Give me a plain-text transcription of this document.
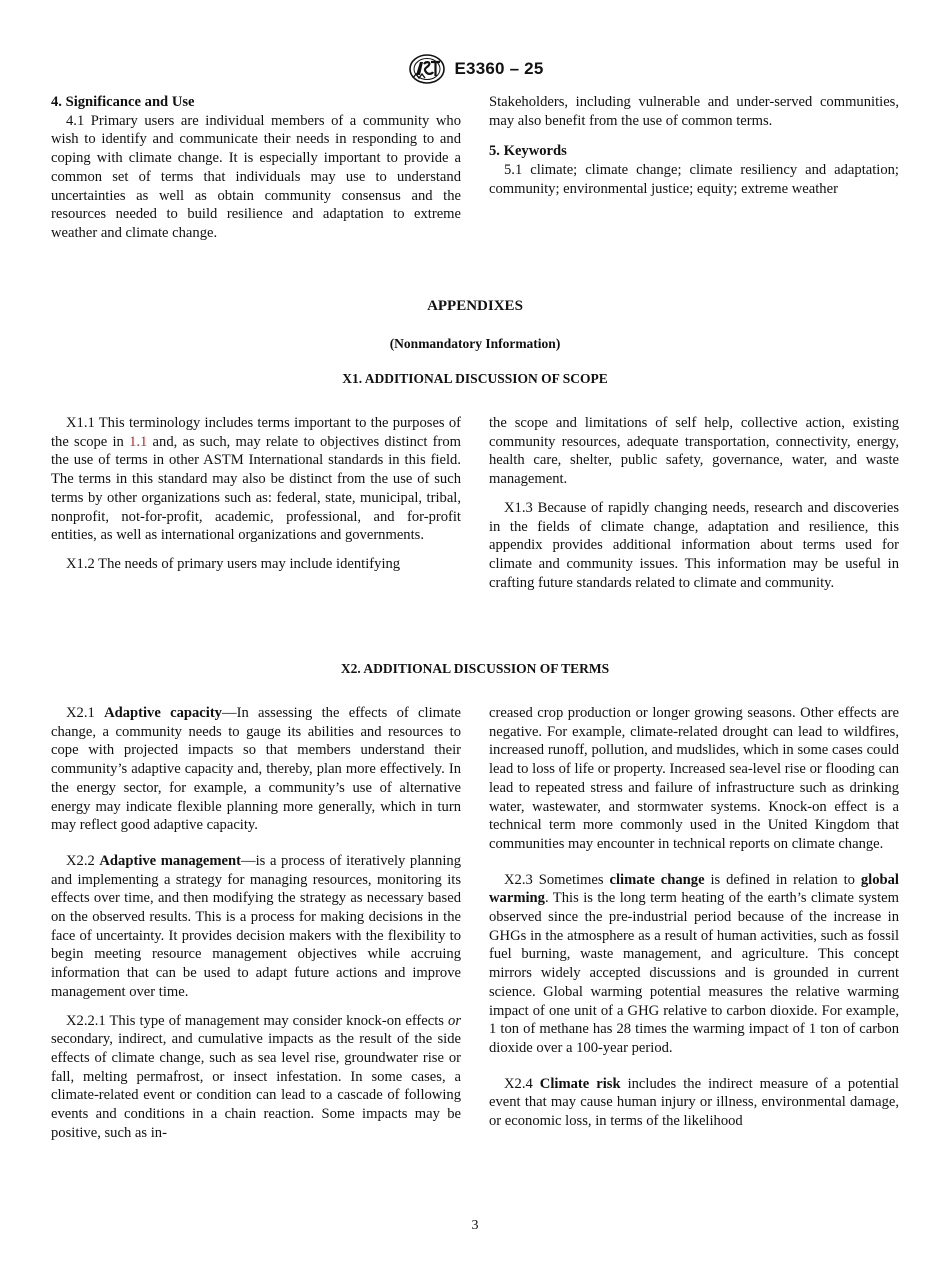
E3360 – 25

4. Significance and Use

4.1 Primary users are individual members of a community who wish to identify and communicate their needs in responding to and coping with climate change. It is especially important to provide a common set of terms that individuals may use to understand uncertainties as well as obtain community consensus and the resources needed to build resilience and adaptation to extreme weather and climate change.

Stakeholders, including vulnerable and under-served communities, may also benefit from the use of common terms.

5. Keywords

5.1 climate; climate change; climate resiliency and adaptation; community; environmental justice; equity; extreme weather

APPENDIXES
(Nonmandatory Information)
X1. ADDITIONAL DISCUSSION OF SCOPE

X1.1 This terminology includes terms important to the purposes of the scope in 1.1 and, as such, may relate to objectives distinct from the use of terms in other ASTM International standards in this field. The terms in this standard may also be distinct from the use of such terms by other organizations such as: federal, state, municipal, tribal, nonprofit, not-for-profit, academic, professional, and for-profit entities, as well as international organizations and governments.

X1.2 The needs of primary users may include identifying

the scope and limitations of self help, collective action, existing community resources, adequate transportation, connectivity, energy, health care, shelter, public safety, governance, water, and waste management.

X1.3 Because of rapidly changing needs, research and discoveries in the fields of climate change, adaptation and resilience, this appendix provides additional information about terms used for climate and community issues. This information may be useful in crafting future standards related to climate and community.

X2. ADDITIONAL DISCUSSION OF TERMS

X2.1 Adaptive capacity—In assessing the effects of climate change, a community needs to gauge its abilities and resources to cope with projected impacts so that members understand their community’s adaptive capacity and, thereby, plan more effectively. In the energy sector, for example, a community’s use of alternative energy may indicate flexible planning more generally, which in turn may reflect good adaptive capacity.

X2.2 Adaptive management—is a process of iteratively planning and implementing a strategy for managing resources, monitoring its effects over time, and then modifying the strategy as necessary based on the observed results. This is a process for making decisions in the face of uncertainty. It provides decision makers with the flexibility to begin meeting resource management objectives while accruing information that can be used to adapt future actions and improve management over time.

X2.2.1 This type of management may consider knock-on effects or secondary, indirect, and cumulative impacts as the result of the side effects of climate change, such as sea level rise, groundwater rise or fall, melting permafrost, or insect infestation. In some cases, a climate-related event or condition can lead to a cascade of following events and conditions in a chain reaction. Some impacts may be positive, such as in-

creased crop production or longer growing seasons. Other effects are negative. For example, climate-related drought can lead to wildfires, increased runoff, pollution, and mudslides, which in some cases could lead to loss of life or property. Increased sea-level rise or flooding can lead to repeated stress and failure of infrastructure such as drinking water, wastewater, and stormwater systems. Knock-on effect is a technical term more commonly used in the United Kingdom that communities may encounter in technical reports on climate change.

X2.3 Sometimes climate change is defined in relation to global warming. This is the long term heating of the earth’s climate system observed since the pre-industrial period because of the increase in GHGs in the atmosphere as a result of human activities, such as fossil fuel burning, waste management, and agriculture. This concept mirrors widely accepted discussions and is grounded in current science. Global warming potential measures the relative warming impact of one unit of a GHG relative to carbon dioxide. For example, 1 ton of methane has 28 times the warming impact of 1 ton of carbon dioxide over a 100-year period.

X2.4 Climate risk includes the indirect measure of a potential event that may cause human injury or illness, environmental damage, or economic loss, in terms of the likelihood

3
